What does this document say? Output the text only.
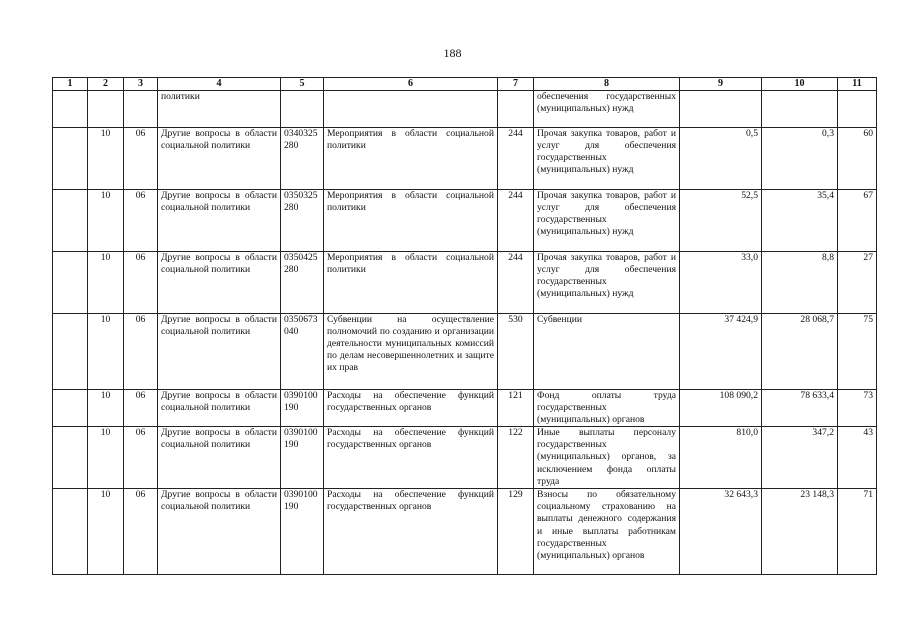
188
1	2	3	4	5	6	7	8	9	10	11
			политики				обеспечения государственных (муниципальных) нужд			
	10	06	Другие вопросы в области социальной политики	0340325280	Мероприятия в области социальной политики	244	Прочая закупка товаров, работ и услуг для обеспечения государственных (муниципальных) нужд	0,5	0,3	60
	10	06	Другие вопросы в области социальной политики	0350325280	Мероприятия в области социальной политики	244	Прочая закупка товаров, работ и услуг для обеспечения государственных (муниципальных) нужд	52,5	35,4	67
	10	06	Другие вопросы в области социальной политики	0350425280	Мероприятия в области социальной политики	244	Прочая закупка товаров, работ и услуг для обеспечения государственных (муниципальных) нужд	33,0	8,8	27
	10	06	Другие вопросы в области социальной политики	0350673040	Субвенции на осуществление полномочий по созданию и организации деятельности муниципальных комиссий по делам несовершеннолетних и защите их прав	530	Субвенции	37 424,9	28 068,7	75
	10	06	Другие вопросы в области социальной политики	0390100190	Расходы на обеспечение функций государственных органов	121	Фонд оплаты труда государственных (муниципальных) органов	108 090,2	78 633,4	73
	10	06	Другие вопросы в области социальной политики	0390100190	Расходы на обеспечение функций государственных органов	122	Иные выплаты персоналу государственных (муниципальных) органов, за исключением фонда оплаты труда	810,0	347,2	43
	10	06	Другие вопросы в области социальной политики	0390100190	Расходы на обеспечение функций государственных органов	129	Взносы по обязательному социальному страхованию на выплаты денежного содержания и иные выплаты работникам государственных (муниципальных) органов	32 643,3	23 148,3	71
